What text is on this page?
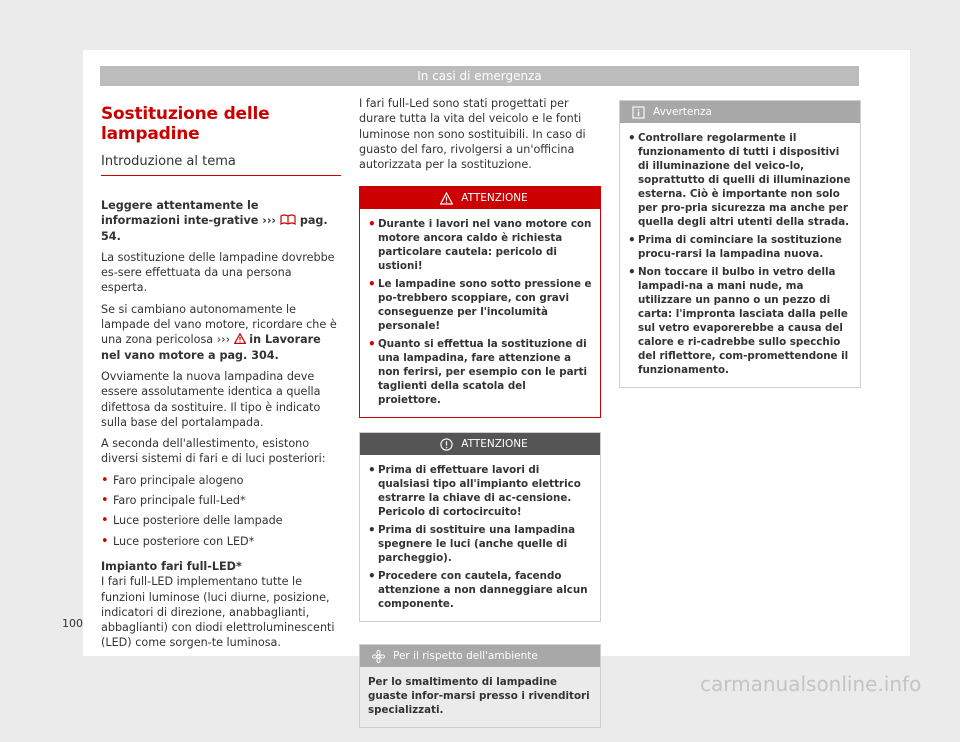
In casi di emergenza
Sostituzione delle lampadine
Introduzione al tema

Leggere attentamente le informazioni inte-grative ››› pag. 54.

La sostituzione delle lampadine dovrebbe es-sere effettuata da una persona esperta.

Se si cambiano autonomamente le lampade del vano motore, ricordare che è una zona pericolosa ››› in Lavorare nel vano motore a pag. 304.

Ovviamente la nuova lampadina deve essere assolutamente identica a quella difettosa da sostituire. Il tipo è indicato sulla base del portalampada.

A seconda dell'allestimento, esistono diversi sistemi di fari e di luci posteriori:

• Faro principale alogeno
• Faro principale full-Led*
• Luce posteriore delle lampade
• Luce posteriore con LED*

Impianto fari full-LED*

I fari full-LED implementano tutte le funzioni luminose (luci diurne, posizione, indicatori di direzione, anabbaglianti, abbaglianti) con diodi elettroluminescenti (LED) come sorgen-te luminosa.

I fari full-Led sono stati progettati per durare tutta la vita del veicolo e le fonti luminose non sono sostituibili. In caso di guasto del faro, rivolgersi a un'officina autorizzata per la sostituzione.

ATTENZIONE
• Durante i lavori nel vano motore con motore ancora caldo è richiesta particolare cautela: pericolo di ustioni!
• Le lampadine sono sotto pressione e po-trebbero scoppiare, con gravi conseguenze per l'incolumità personale!
• Quanto si effettua la sostituzione di una lampadina, fare attenzione a non ferirsi, per esempio con le parti taglienti della scatola del proiettore.
ATTENZIONE
• Prima di effettuare lavori di qualsiasi tipo all'impianto elettrico estrarre la chiave di ac-censione. Pericolo di cortocircuito!
• Prima di sostituire una lampadina spegnere le luci (anche quelle di parcheggio).
• Procedere con cautela, facendo attenzione a non danneggiare alcun componente.
Per il rispetto dell'ambiente

Per lo smaltimento di lampadine guaste infor-marsi presso i rivenditori specializzati.

Avvertenza
• Controllare regolarmente il funzionamento di tutti i dispositivi di illuminazione del veico-lo, soprattutto di quelli di illuminazione esterna. Ciò è importante non solo per pro-pria sicurezza ma anche per quella degli altri utenti della strada.
• Prima di cominciare la sostituzione procu-rarsi la lampadina nuova.
• Non toccare il bulbo in vetro della lampadi-na a mani nude, ma utilizzare un panno o un pezzo di carta: l'impronta lasciata dalla pelle sul vetro evaporerebbe a causa del calore e ri-cadrebbe sullo specchio del riflettore, com-promettendone il funzionamento.
100
carmanualsonline.info
